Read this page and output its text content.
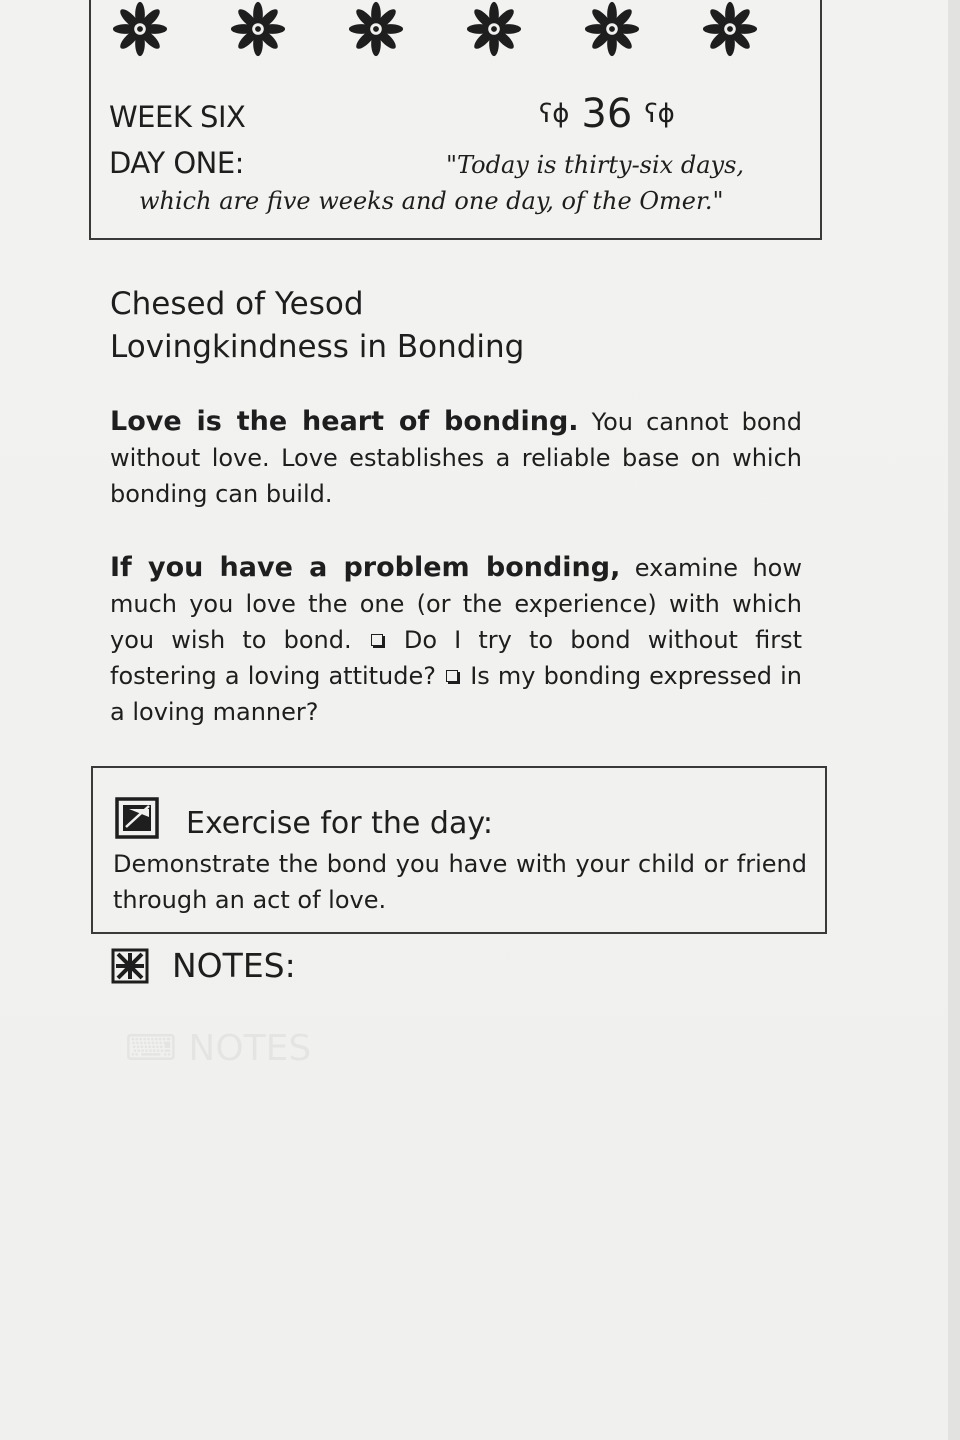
⌨ NOTES
WEEK SIX
DAY ONE:
ʕɸ 36 ʕɸ
"Today is thirty-six days,
which are five weeks and one day, of the Omer."
Chesed of Yesod
Lovingkindness in Bonding
Love is the heart of bonding. You cannot bond without love. Love establishes a reliable base on which bonding can build.
If you have a problem bonding, examine how much you love the one (or the experience) with which you wish to bond.  Do I try to bond without first fostering a loving attitude?  Is my bonding expressed in a loving manner?
Exercise for the day:
Demonstrate the bond you have with your child or friend through an act of love.
NOTES:
